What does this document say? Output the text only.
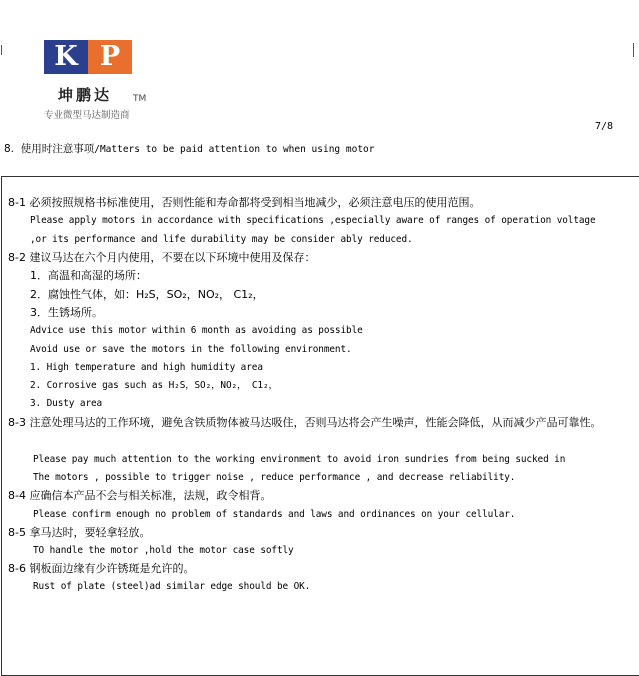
K P
坤鹏达 TM
专业微型马达制造商
7/8
8. 使用时注意事项/Matters to be paid attention to when using motor
8-1 必须按照规格书标准使用，否则性能和寿命都将受到相当地减少，必须注意电压的使用范围。
Please apply motors in accordance with specifications ,especially aware of ranges of operation voltage
,or its performance and life durability may be consider ably reduced.
8-2 建议马达在六个月内使用，不要在以下环境中使用及保存：
1．高温和高湿的场所：
2．腐蚀性气体，如：H₂S，SO₂，NO₂， C1₂，
3．生锈场所。
Advice use this motor within 6 month as avoiding as possible
Avoid use or save the motors in the following environment.
1. High temperature and high humidity area
2. Corrosive gas such as H₂S，SO₂，NO₂， C1₂，
3. Dusty area
8-3 注意处理马达的工作环境，避免含铁质物体被马达吸住，否则马达将会产生噪声，性能会降低，从而减少产品可靠性。
Please pay much attention to the working environment to avoid iron sundries from being sucked in
The motors , possible to trigger noise , reduce performance , and decrease reliability.
8-4 应确信本产品不会与相关标准，法规，政令相背。
Please confirm enough no problem of standards and laws and ordinances on your cellular.
8-5 拿马达时，要轻拿轻放。
TO handle the motor ,hold the motor case softly
8-6 钢板面边缘有少许锈斑是允许的。
Rust of plate (steel)ad similar edge should be OK.
